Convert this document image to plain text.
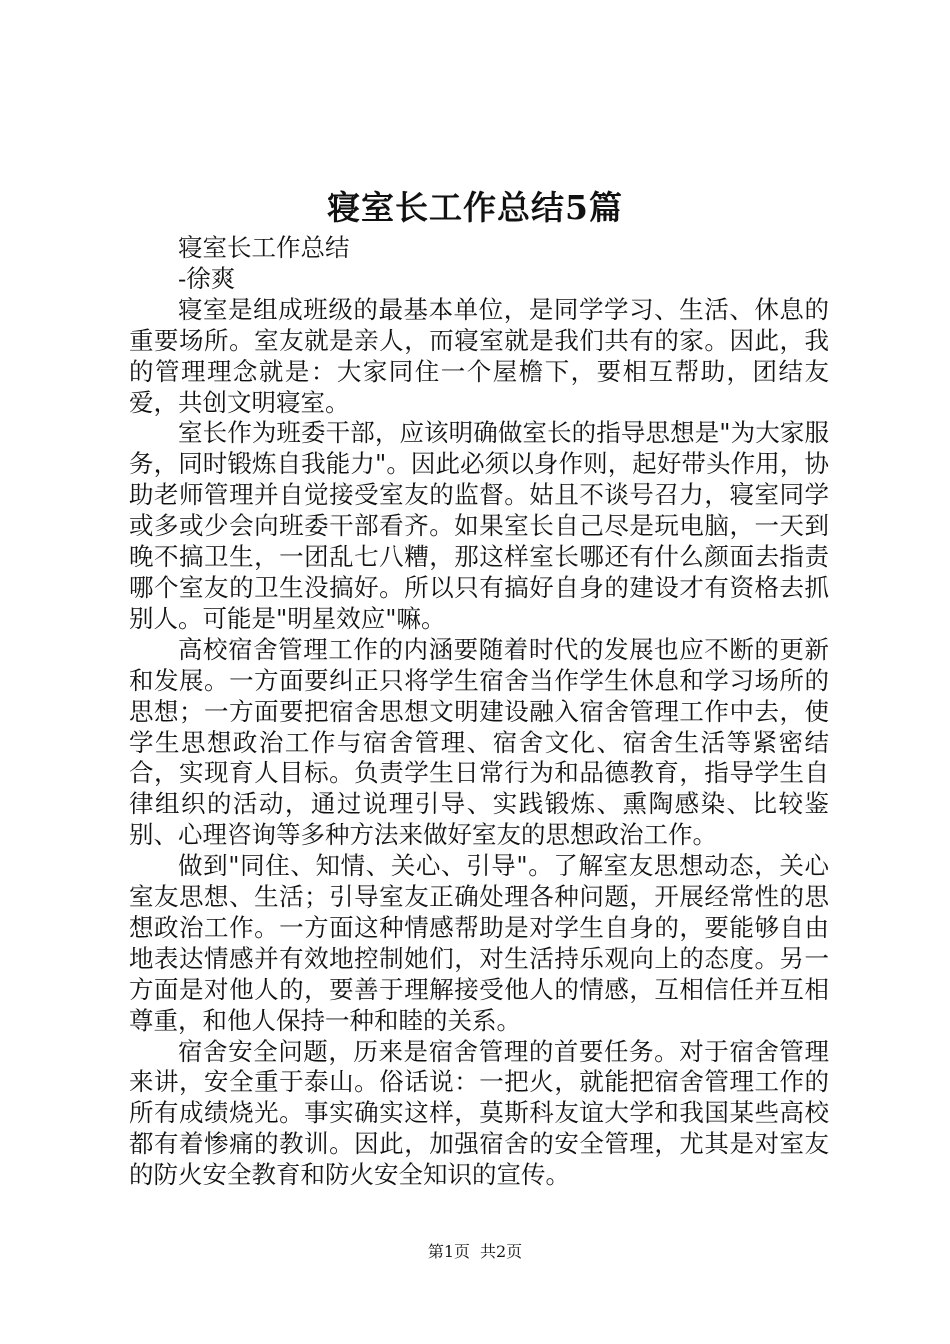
寝室长工作总结5篇

寝室长工作总结

-徐爽

寝室是组成班级的最基本单位，是同学学习、生活、休息的重要场所。室友就是亲人，而寝室就是我们共有的家。因此，我的管理理念就是：大家同住一个屋檐下，要相互帮助，团结友爱，共创文明寝室。

室长作为班委干部，应该明确做室长的指导思想是"为大家服务，同时锻炼自我能力"。因此必须以身作则，起好带头作用，协助老师管理并自觉接受室友的监督。姑且不谈号召力，寝室同学或多或少会向班委干部看齐。如果室长自己尽是玩电脑，一天到晚不搞卫生，一团乱七八糟，那这样室长哪还有什么颜面去指责哪个室友的卫生没搞好。所以只有搞好自身的建设才有资格去抓别人。可能是"明星效应"嘛。

高校宿舍管理工作的内涵要随着时代的发展也应不断的更新和发展。一方面要纠正只将学生宿舍当作学生休息和学习场所的思想；一方面要把宿舍思想文明建设融入宿舍管理工作中去，使学生思想政治工作与宿舍管理、宿舍文化、宿舍生活等紧密结合，实现育人目标。负责学生日常行为和品德教育，指导学生自律组织的活动，通过说理引导、实践锻炼、熏陶感染、比较鉴别、心理咨询等多种方法来做好室友的思想政治工作。

做到"同住、知情、关心、引导"。了解室友思想动态，关心室友思想、生活；引导室友正确处理各种问题，开展经常性的思想政治工作。一方面这种情感帮助是对学生自身的，要能够自由地表达情感并有效地控制她们，对生活持乐观向上的态度。另一方面是对他人的，要善于理解接受他人的情感，互相信任并互相尊重，和他人保持一种和睦的关系。

宿舍安全问题，历来是宿舍管理的首要任务。对于宿舍管理来讲，安全重于泰山。俗话说：一把火，就能把宿舍管理工作的所有成绩烧光。事实确实这样，莫斯科友谊大学和我国某些高校都有着惨痛的教训。因此，加强宿舍的安全管理，尤其是对室友的防火安全教育和防火安全知识的宣传。

第1页 共2页
